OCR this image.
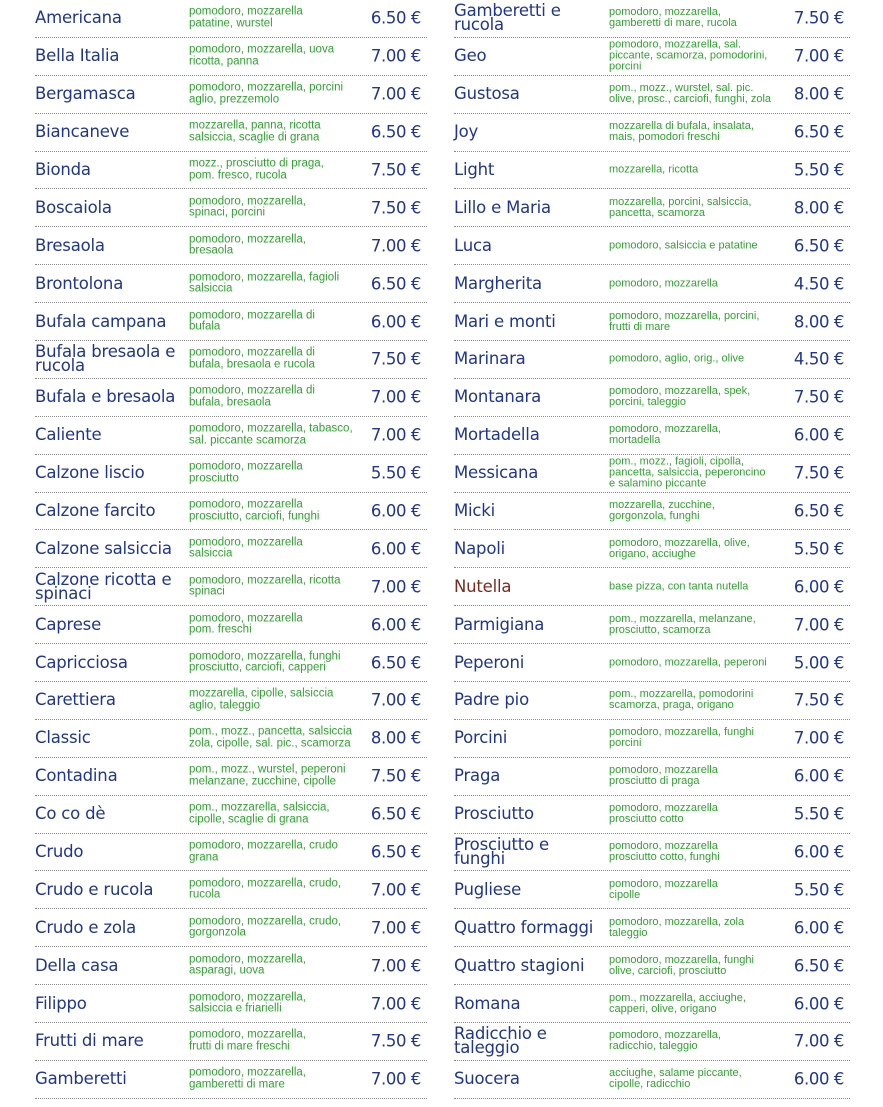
Americana	pomodoro, mozzarella
patatine, wurstel	6.50 €
Bella Italia	pomodoro, mozzarella, uova
ricotta, panna	7.00 €
Bergamasca	pomodoro, mozzarella, porcini
aglio, prezzemolo	7.00 €
Biancaneve	mozzarella, panna, ricotta
salsiccia, scaglie di grana	6.50 €
Bionda	mozz., prosciutto di praga,
pom. fresco, rucola	7.50 €
Boscaiola	pomodoro, mozzarella,
spinaci, porcini	7.50 €
Bresaola	pomodoro, mozzarella,
bresaola	7.00 €
Brontolona	pomodoro, mozzarella, fagioli
salsiccia	6.50 €
Bufala campana	pomodoro, mozzarella di
bufala	6.00 €
Bufala bresaola e rucola
pomodoro, mozzarella di
bufala, bresaola e rucola	7.50 €
Bufala e bresaola	pomodoro, mozzarella di
bufala, bresaola	7.00 €
Caliente	pomodoro, mozzarella, tabasco,
sal. piccante scamorza	7.00 €
Calzone liscio	pomodoro, mozzarella
prosciutto	5.50 €
Calzone farcito	pomodoro, mozzarella
prosciutto, carciofi, funghi	6.00 €
Calzone salsiccia	pomodoro, mozzarella
salsiccia	6.00 €
Calzone ricotta e spinaci
pomodoro, mozzarella, ricotta
spinaci	7.00 €
Caprese	pomodoro, mozzarella
pom. freschi	6.00 €
Capricciosa	pomodoro, mozzarella, funghi
prosciutto, carciofi, capperi	6.50 €
Carettiera	mozzarella, cipolle, salsiccia
aglio, taleggio	7.00 €
Classic	pom., mozz., pancetta, salsiccia
zola, cipolle, sal. pic., scamorza	8.00 €
Contadina	pom., mozz., wurstel, peperoni
melanzane, zucchine, cipolle	7.50 €
Co co dè	pom., mozzarella, salsiccia,
cipolle, scaglie di grana	6.50 €
Crudo	pomodoro, mozzarella, crudo
grana	6.50 €
Crudo e rucola	pomodoro, mozzarella, crudo,
rucola	7.00 €
Crudo e zola	pomodoro, mozzarella, crudo,
gorgonzola	7.00 €
Della casa	pomodoro, mozzarella,
asparagi, uova	7.00 €
Filippo	pomodoro, mozzarella,
salsiccia e friarielli	7.00 €
Frutti di mare	pomodoro, mozzarella,
frutti di mare freschi	7.50 €
Gamberetti	pomodoro, mozzarella,
gamberetti di mare	7.00 €
Gamberetti e rucola
pomodoro, mozzarella,
gamberetti di mare, rucola	7.50 €
Geo
pomodoro, mozzarella, sal.
piccante, scamorza, pomodorini,
porcini
7.00 €
Gustosa	pom., mozz., wurstel, sal. pic.
olive, prosc., carciofi, funghi, zola	8.00 €
Joy	mozzarella di bufala, insalata,
mais, pomodori freschi	6.50 €
Light	mozzarella, ricotta	5.50 €
Lillo e Maria	mozzarella, porcini, salsiccia,
pancetta, scamorza	8.00 €
Luca	pomodoro, salsiccia e patatine	6.50 €
Margherita	pomodoro, mozzarella	4.50 €
Mari e monti	pomodoro, mozzarella, porcini,
frutti di mare	8.00 €
Marinara	pomodoro, aglio, orig., olive	4.50 €
Montanara	pomodoro, mozzarella, spek,
porcini, taleggio	7.50 €
Mortadella	pomodoro, mozzarella,
mortadella	6.00 €
Messicana
pom., mozz., fagioli, cipolla,
pancetta, salsiccia, peperoncino
e salamino piccante
7.50 €
Micki	mozzarella, zucchine,
gorgonzola, funghi	6.50 €
Napoli	pomodoro, mozzarella, olive,
origano, acciughe	5.50 €
Nutella	base pizza, con tanta nutella	6.00 €
Parmigiana	pom., mozzarella, melanzane,
prosciutto, scamorza	7.00 €
Peperoni	pomodoro, mozzarella, peperoni	5.00 €
Padre pio	pom., mozzarella, pomodorini
scamorza, praga, origano	7.50 €
Porcini	pomodoro, mozzarella, funghi
porcini	7.00 €
Praga	pomodoro, mozzarella
prosciutto di praga	6.00 €
Prosciutto	pomodoro, mozzarella
prosciutto cotto	5.50 €
Prosciutto e funghi
pomodoro, mozzarella
prosciutto cotto, funghi	6.00 €
Pugliese	pomodoro, mozzarella
cipolle	5.50 €
Quattro formaggi	pomodoro, mozzarella, zola
taleggio	6.00 €
Quattro stagioni	pomodoro, mozzarella, funghi
olive, carciofi, prosciutto	6.50 €
Romana	pom., mozzarella, acciughe,
capperi, olive, origano	6.00 €
Radicchio e taleggio
pomodoro, mozzarella,
radicchio, taleggio	7.00 €
Suocera	acciughe, salame piccante,
cipolle, radicchio	6.00 €
